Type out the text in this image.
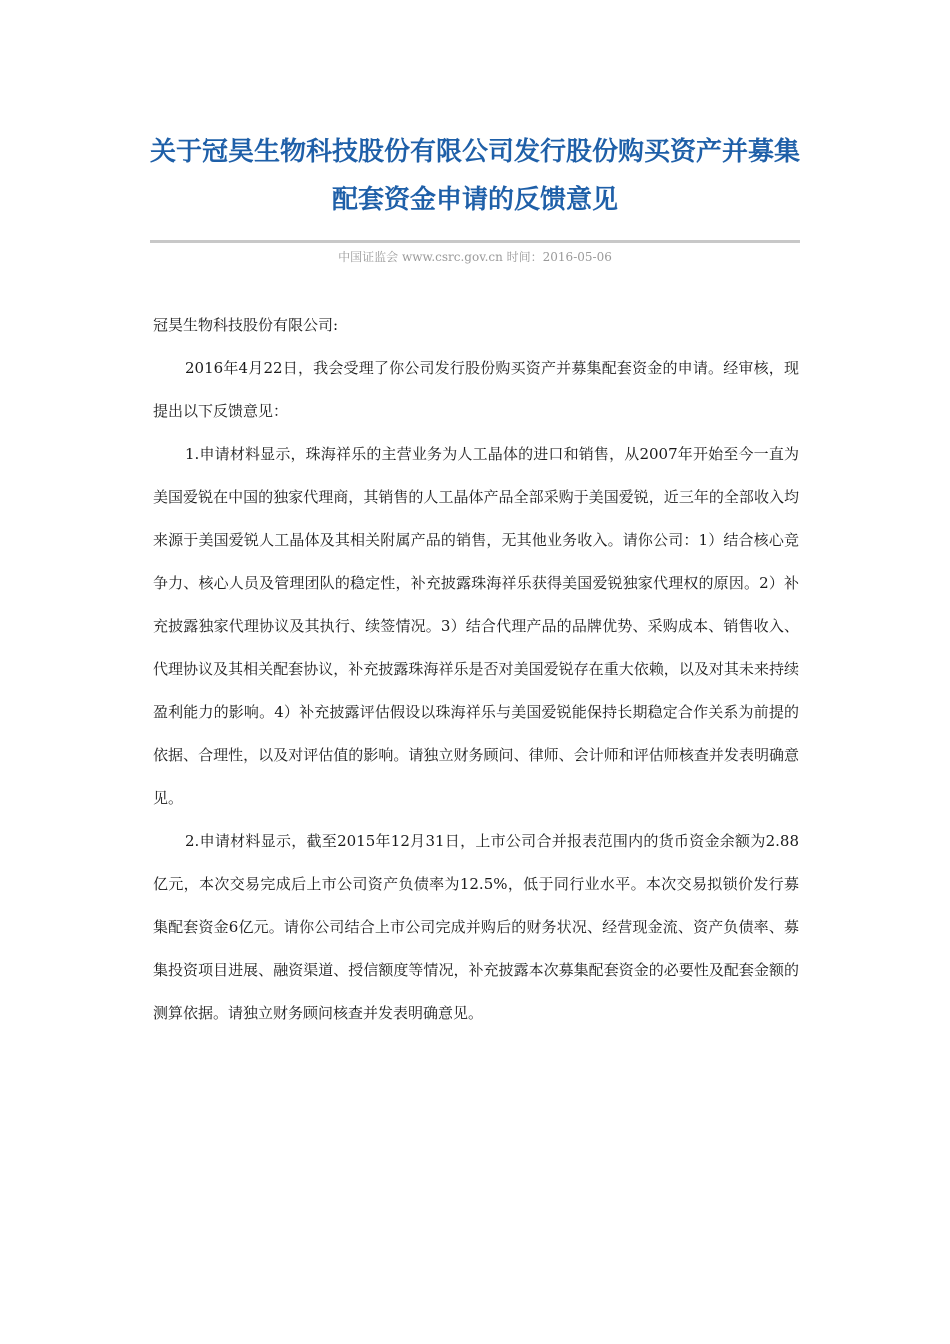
关于冠昊生物科技股份有限公司发行股份购买资产并募集配套资金申请的反馈意见
中国证监会 www.csrc.gov.cn 时间：2016-05-06

冠昊生物科技股份有限公司:

2016年4月22日，我会受理了你公司发行股份购买资产并募集配套资金的申请。经审核，现提出以下反馈意见：

1.申请材料显示，珠海祥乐的主营业务为人工晶体的进口和销售，从2007年开始至今一直为美国爱锐在中国的独家代理商，其销售的人工晶体产品全部采购于美国爱锐，近三年的全部收入均来源于美国爱锐人工晶体及其相关附属产品的销售，无其他业务收入。请你公司：1）结合核心竞争力、核心人员及管理团队的稳定性，补充披露珠海祥乐获得美国爱锐独家代理权的原因。2）补充披露独家代理协议及其执行、续签情况。3）结合代理产品的品牌优势、采购成本、销售收入、代理协议及其相关配套协议，补充披露珠海祥乐是否对美国爱锐存在重大依赖，以及对其未来持续盈利能力的影响。4）补充披露评估假设以珠海祥乐与美国爱锐能保持长期稳定合作关系为前提的依据、合理性，以及对评估值的影响。请独立财务顾问、律师、会计师和评估师核查并发表明确意见。

2.申请材料显示，截至2015年12月31日，上市公司合并报表范围内的货币资金余额为2.88亿元，本次交易完成后上市公司资产负债率为12.5%，低于同行业水平。本次交易拟锁价发行募集配套资金6亿元。请你公司结合上市公司完成并购后的财务状况、经营现金流、资产负债率、募集投资项目进展、融资渠道、授信额度等情况，补充披露本次募集配套资金的必要性及配套金额的测算依据。请独立财务顾问核查并发表明确意见。
